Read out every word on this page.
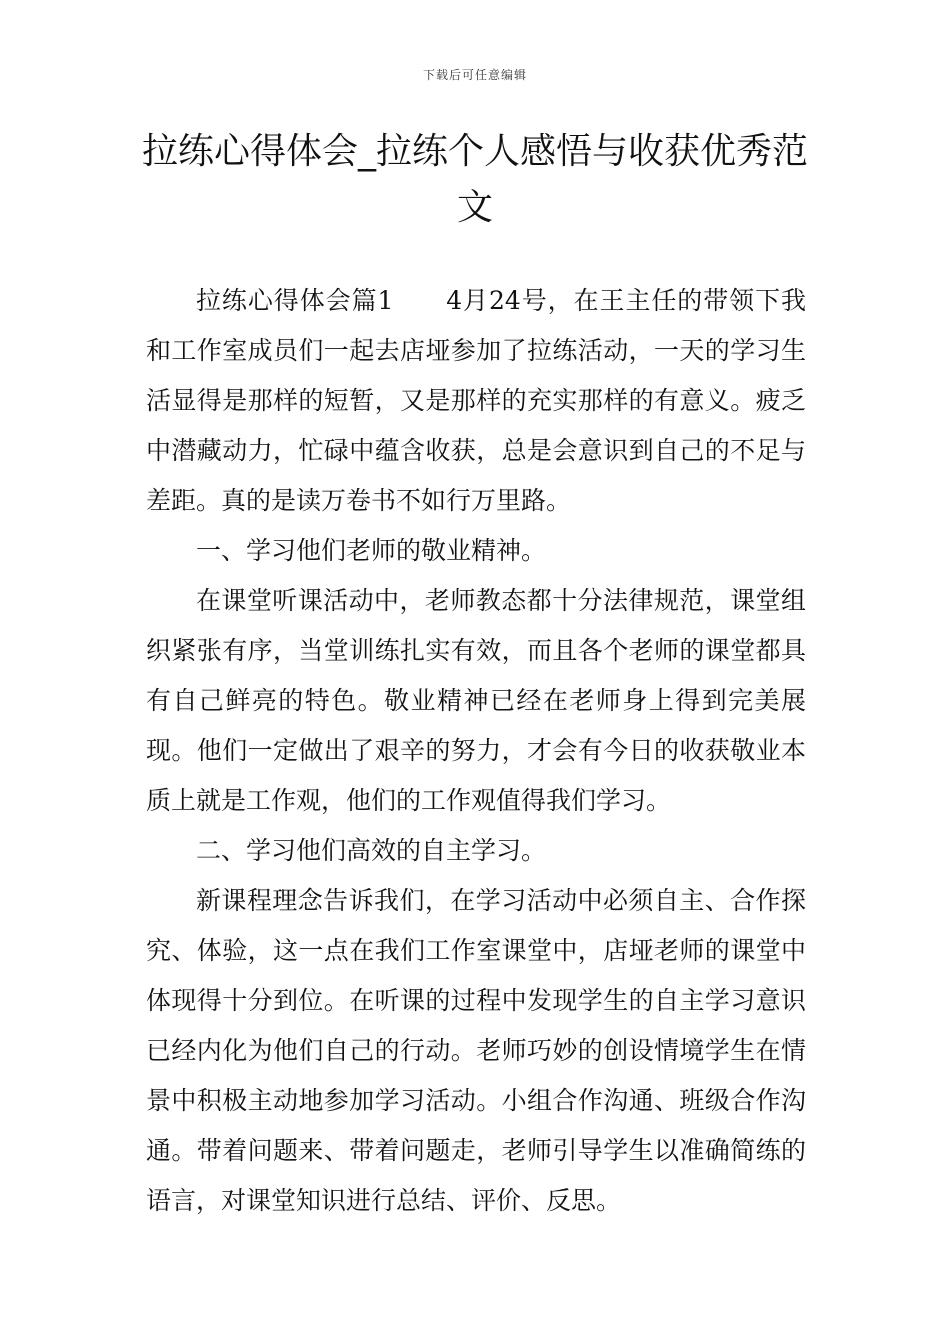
下载后可任意编辑
拉练心得体会_拉练个人感悟与收获优秀范文

拉练心得体会篇1　　4月24号，在王主任的带领下我和工作室成员们一起去店垭参加了拉练活动，一天的学习生活显得是那样的短暂，又是那样的充实那样的有意义。疲乏中潜藏动力，忙碌中蕴含收获，总是会意识到自己的不足与差距。真的是读万卷书不如行万里路。

一、学习他们老师的敬业精神。

在课堂听课活动中，老师教态都十分法律规范，课堂组织紧张有序，当堂训练扎实有效，而且各个老师的课堂都具有自己鲜亮的特色。敬业精神已经在老师身上得到完美展现。他们一定做出了艰辛的努力，才会有今日的收获敬业本质上就是工作观，他们的工作观值得我们学习。

二、学习他们高效的自主学习。

新课程理念告诉我们，在学习活动中必须自主、合作探究、体验，这一点在我们工作室课堂中，店垭老师的课堂中体现得十分到位。在听课的过程中发现学生的自主学习意识已经内化为他们自己的行动。老师巧妙的创设情境学生在情景中积极主动地参加学习活动。小组合作沟通、班级合作沟通。带着问题来、带着问题走，老师引导学生以准确简练的语言，对课堂知识进行总结、评价、反思。
